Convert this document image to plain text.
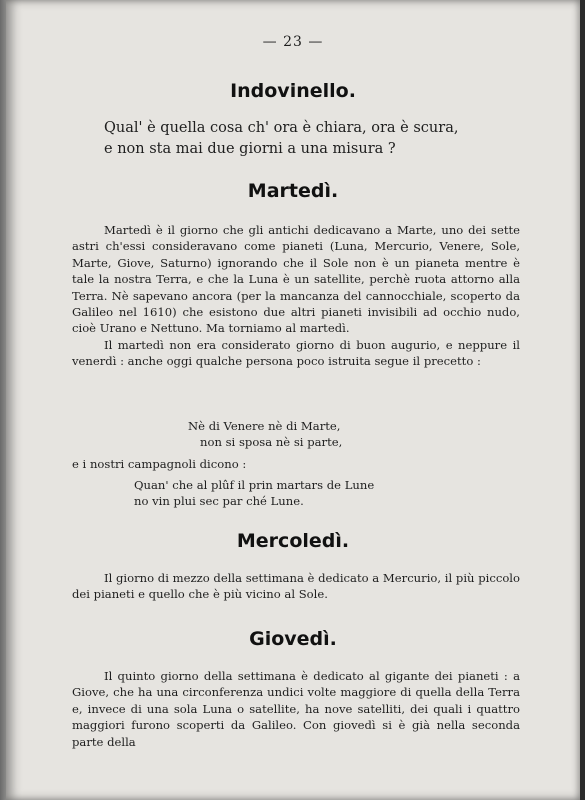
— 23 —
Indovinello.
Qual' è quella cosa ch' ora è chiara, ora è scura,
e non sta mai due giorni a una misura ?
Martedì.

Martedì è il giorno che gli antichi dedicavano a Marte, uno dei sette astri ch'essi consideravano come pianeti (Luna, Mercurio, Venere, Sole, Marte, Giove, Saturno) ignorando che il Sole non è un pianeta mentre è tale la nostra Terra, e che la Luna è un satellite, perchè ruota attorno alla Terra. Nè sapevano ancora (per la mancanza del cannocchiale, scoperto da Galileo nel 1610) che esistono due altri pianeti invisibili ad occhio nudo, cioè Urano e Nettuno. Ma torniamo al martedì.

Il martedì non era considerato giorno di buon augurio, e neppure il venerdì : anche oggi qualche persona poco istruita segue il precetto :

Nè di Venere nè di Marte,
non si sposa nè si parte,

e i nostri campagnoli dicono :

Quan' che al plûf il prin martars de Lune
no vin plui sec par ché Lune.
Mercoledì.

Il giorno di mezzo della settimana è dedicato a Mercurio, il più piccolo dei pianeti e quello che è più vicino al Sole.

Giovedì.

Il quinto giorno della settimana è dedicato al gigante dei pianeti : a Giove, che ha una circonferenza undici volte maggiore di quella della Terra e, invece di una sola Luna o satellite, ha nove satelliti, dei quali i quattro maggiori furono scoperti da Galileo. Con giovedì si è già nella seconda parte della
